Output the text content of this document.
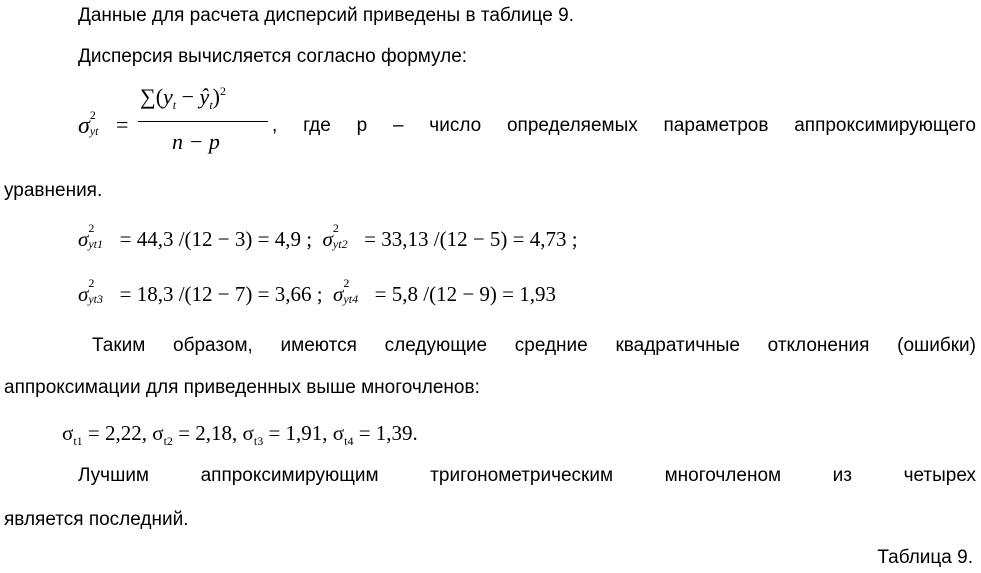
Данные для расчета дисперсий приведены в таблице 9.
Дисперсия вычисляется согласно формуле:
σ 2
yt =
$\sum(y_t$ − $ŷ_t)^2$
n − p
, где р – число определяемых параметров аппроксимирующего
уравнения.
σ 2
yt1 = 44,3 /(12 − 3) = 4,9 ; σ 2
yt2 = 33,13 /(12 − 5) = 4,73 ;
σ 2
yt3 = 18,3 /(12 − 7) = 3,66 ; σ 2
yt4 = 5,8 /(12 − 9) = 1,93
Таким образом, имеются следующие средние квадратичные отклонения (ошибки)
аппроксимации для приведенных выше многочленов:
$\sigma_{t1} = 2,22$, $\sigma_{t2} = 2,18$, $\sigma_{t3} = 1,91$, $\sigma_{t4} = 1,39$.
Лучшим аппроксимирующим тригонометрическим многочленом из четырех
является последний.
Таблица 9.
